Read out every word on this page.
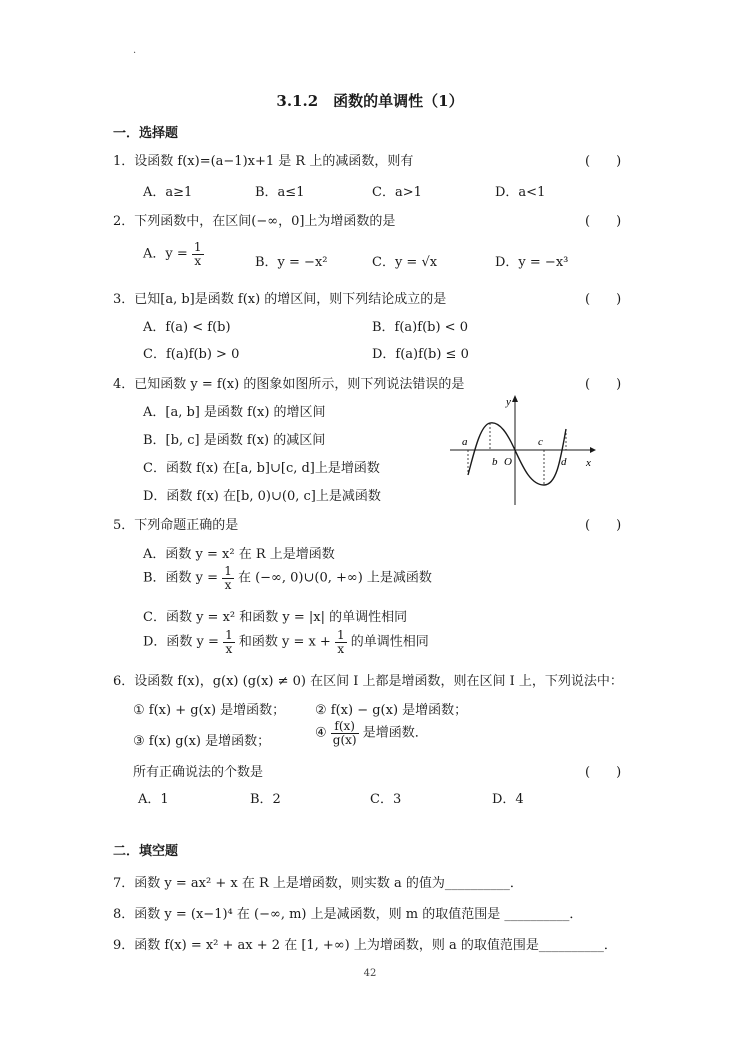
·
3.1.2　函数的单调性（1）
一．选择题
1．设函数 f(x)=(a−1)x+1 是 R 上的减函数，则有	(　　)
A．a≥1	B．a≤1	C．a>1	D．a<1
2．下列函数中，在区间(−∞，0]上为增函数的是	(　　)
A．$y = \frac{1}{x}$	B．y = −x²	C．y = √x	D．y = −x³
3．已知[a, b]是函数 f(x) 的增区间，则下列结论成立的是	(　　)
A．f(a) < f(b)	B．f(a)f(b) < 0
C．f(a)f(b) > 0	D．f(a)f(b) ≤ 0
4．已知函数 y = f(x) 的图象如图所示，则下列说法错误的是	(　　)
A．[a, b] 是函数 f(x) 的增区间
B．[b, c] 是函数 f(x) 的减区间
C．函数 f(x) 在[a, b]∪[c, d]上是增函数
D．函数 f(x) 在[b, 0)∪(0, c]上是减函数
y
x
a
b O
c
d
5．下列命题正确的是	(　　)
A．函数 y = x² 在 R 上是增函数
B．函数 $y = \frac{1}{x}$ 在 (−∞, 0)∪(0, +∞) 上是减函数
C．函数 y = x² 和函数 y = |x| 的单调性相同
D．函数 $y = \frac{1}{x}$ 和函数 $y = x + \frac{1}{x}$ 的单调性相同
6．设函数 f(x)，g(x) (g(x) ≠ 0) 在区间 I 上都是增函数，则在区间 I 上，下列说法中：
① f(x) + g(x) 是增函数； ② f(x) − g(x) 是增函数；
③ f(x) g(x) 是增函数；
④ $\frac{f(x)}{g(x)}$ 是增函数．
所有正确说法的个数是	(　　)
A．1	B．2	C．3	D．4
二．填空题
7．函数 y = ax² + x 在 R 上是增函数，则实数 a 的值为__________．
8．函数 y = (x−1)⁴ 在 (−∞, m) 上是减函数，则 m 的取值范围是 __________．
9．函数 f(x) = x² + ax + 2 在 [1, +∞) 上为增函数，则 a 的取值范围是__________．
42
